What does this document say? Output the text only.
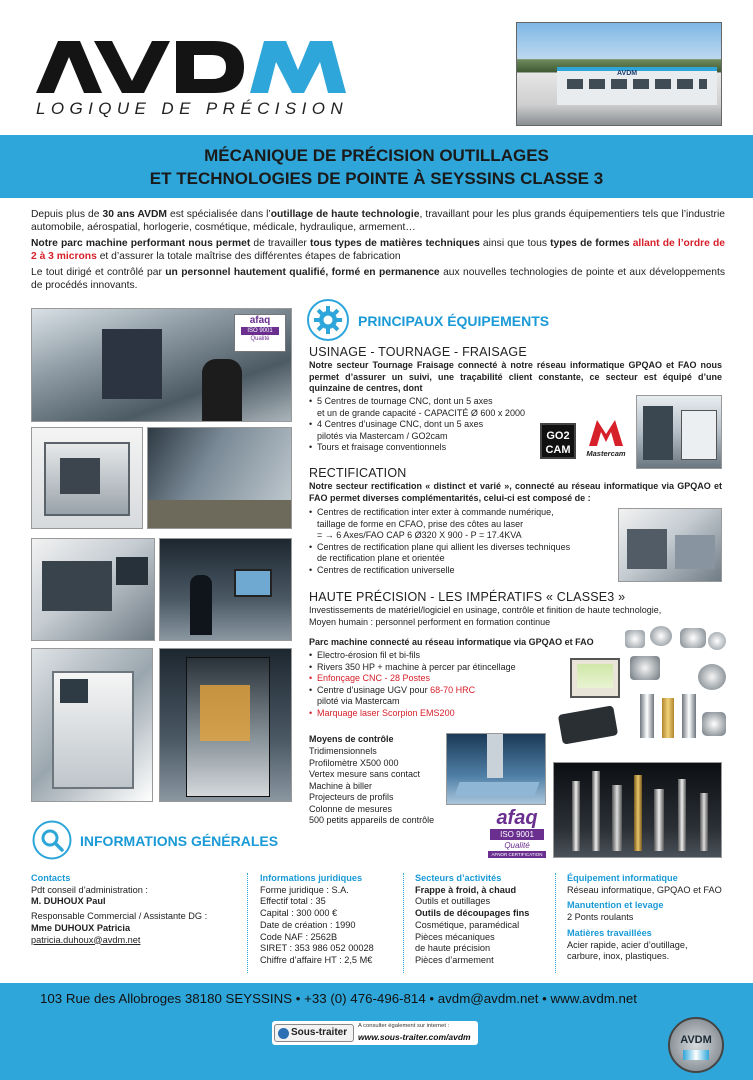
LOGIQUE DE PRÉCISION
AVDM
MÉCANIQUE DE PRÉCISION OUTILLAGES
ET TECHNOLOGIES DE POINTE À SEYSSINS CLASSE 3

Depuis plus de 30 ans AVDM est spécialisée dans l’outillage de haute technologie, travaillant pour les plus grands équipementiers tels que l’industrie automobile, aérospatial, horlogerie, cosmétique, médicale, hydraulique, armement…

Notre parc machine performant nous permet de travailler tous types de matières techniques ainsi que tous types de formes allant de l’ordre de 2 à 3 microns et d’assurer la totale maîtrise des différentes étapes de fabrication

Le tout dirigé et contrôlé par un personnel hautement qualifié, formé en permanence aux nouvelles technologies de pointe et aux développements de procédés innovants.

afaq
ISO 9001
Qualité
PRINCIPAUX ÉQUIPEMENTS
USINAGE - TOURNAGE - FRAISAGE
Notre secteur Tournage Fraisage connecté à notre réseau informatique GPQAO et FAO nous permet d’assurer un suivi, une traçabilité client constante, ce secteur est équipé d’une quinzaine de centres, dont
• 5 Centres de tournage CNC, dont un 5 axes
et un de grande capacité - CAPACITÉ Ø 600 x 2000
• 4 Centres d’usinage CNC, dont un 5 axes
pilotés via Mastercam / GO2cam
• Tours et fraisage conventionnels
GO2 CAM	Mastercam
RECTIFICATION
Notre secteur rectification « distinct et varié », connecté au réseau informatique via GPQAO et FAO permet diverses complémentarités, celui-ci est composé de :
• Centres de rectification inter exter à commande numérique,
taillage de forme en CFAO, prise des côtes au laser
= → 6 Axes/FAO CAP 6 Ø320 X 900 - P = 17.4KVA
• Centres de rectification plane qui allient les diverses techniques
de rectification plane et orientée
• Centres de rectification universelle
HAUTE PRÉCISION - LES IMPÉRATIFS « CLASSE3 »
Investissements de matériel/logiciel en usinage, contrôle et finition de haute technologie,
Moyen humain : personnel performent en formation continue
Parc machine connecté au réseau informatique via GPQAO et FAO
• Electro-érosion fil et bi-fils
• Rivers 350 HP + machine à percer par étincellage
• Enfonçage CNC - 28 Postes
• Centre d’usinage UGV pour 68-70 HRC
piloté via Mastercam
• Marquage laser Scorpion EMS200
Moyens de contrôle
Tridimensionnels
Profilomètre X500 000
Vertex mesure sans contact
Machine à biller
Projecteurs de profils
Colonne de mesures
500 petits appareils de contrôle	afaq
ISO 9001
Qualité
AFNOR CERTIFICATION
INFORMATIONS GÉNÉRALES
Contacts
Pdt conseil d’administration :
M. DUHOUX Paul
Responsable Commercial / Assistante DG :
Mme DUHOUX Patricia
patricia.duhoux@avdm.net
Informations juridiques
Forme juridique : S.A.
Effectif total : 35
Capital : 300 000 €
Date de création : 1990
Code NAF : 2562B
SIRET : 353 986 052 00028
Chiffre d’affaire HT : 2,5 M€
Secteurs d’activités
Frappe à froid, à chaud
Outils et outillages
Outils de découpages fins
Cosmétique, paramédical
Pièces mécaniques
de haute précision
Pièces d’armement
Équipement informatique
Réseau informatique, GPQAO et FAO
Manutention et levage
2 Ponts roulants
Matières travaillées
Acier rapide, acier d’outillage,
carbure, inox, plastiques.
103 Rue des Allobroges 38180 SEYSSINS • +33 (0) 476-496-814 • avdm@avdm.net • www.avdm.net
Sous-traiter
A consulter également sur internet :
www.sous-traiter.com/avdm	AVDM
